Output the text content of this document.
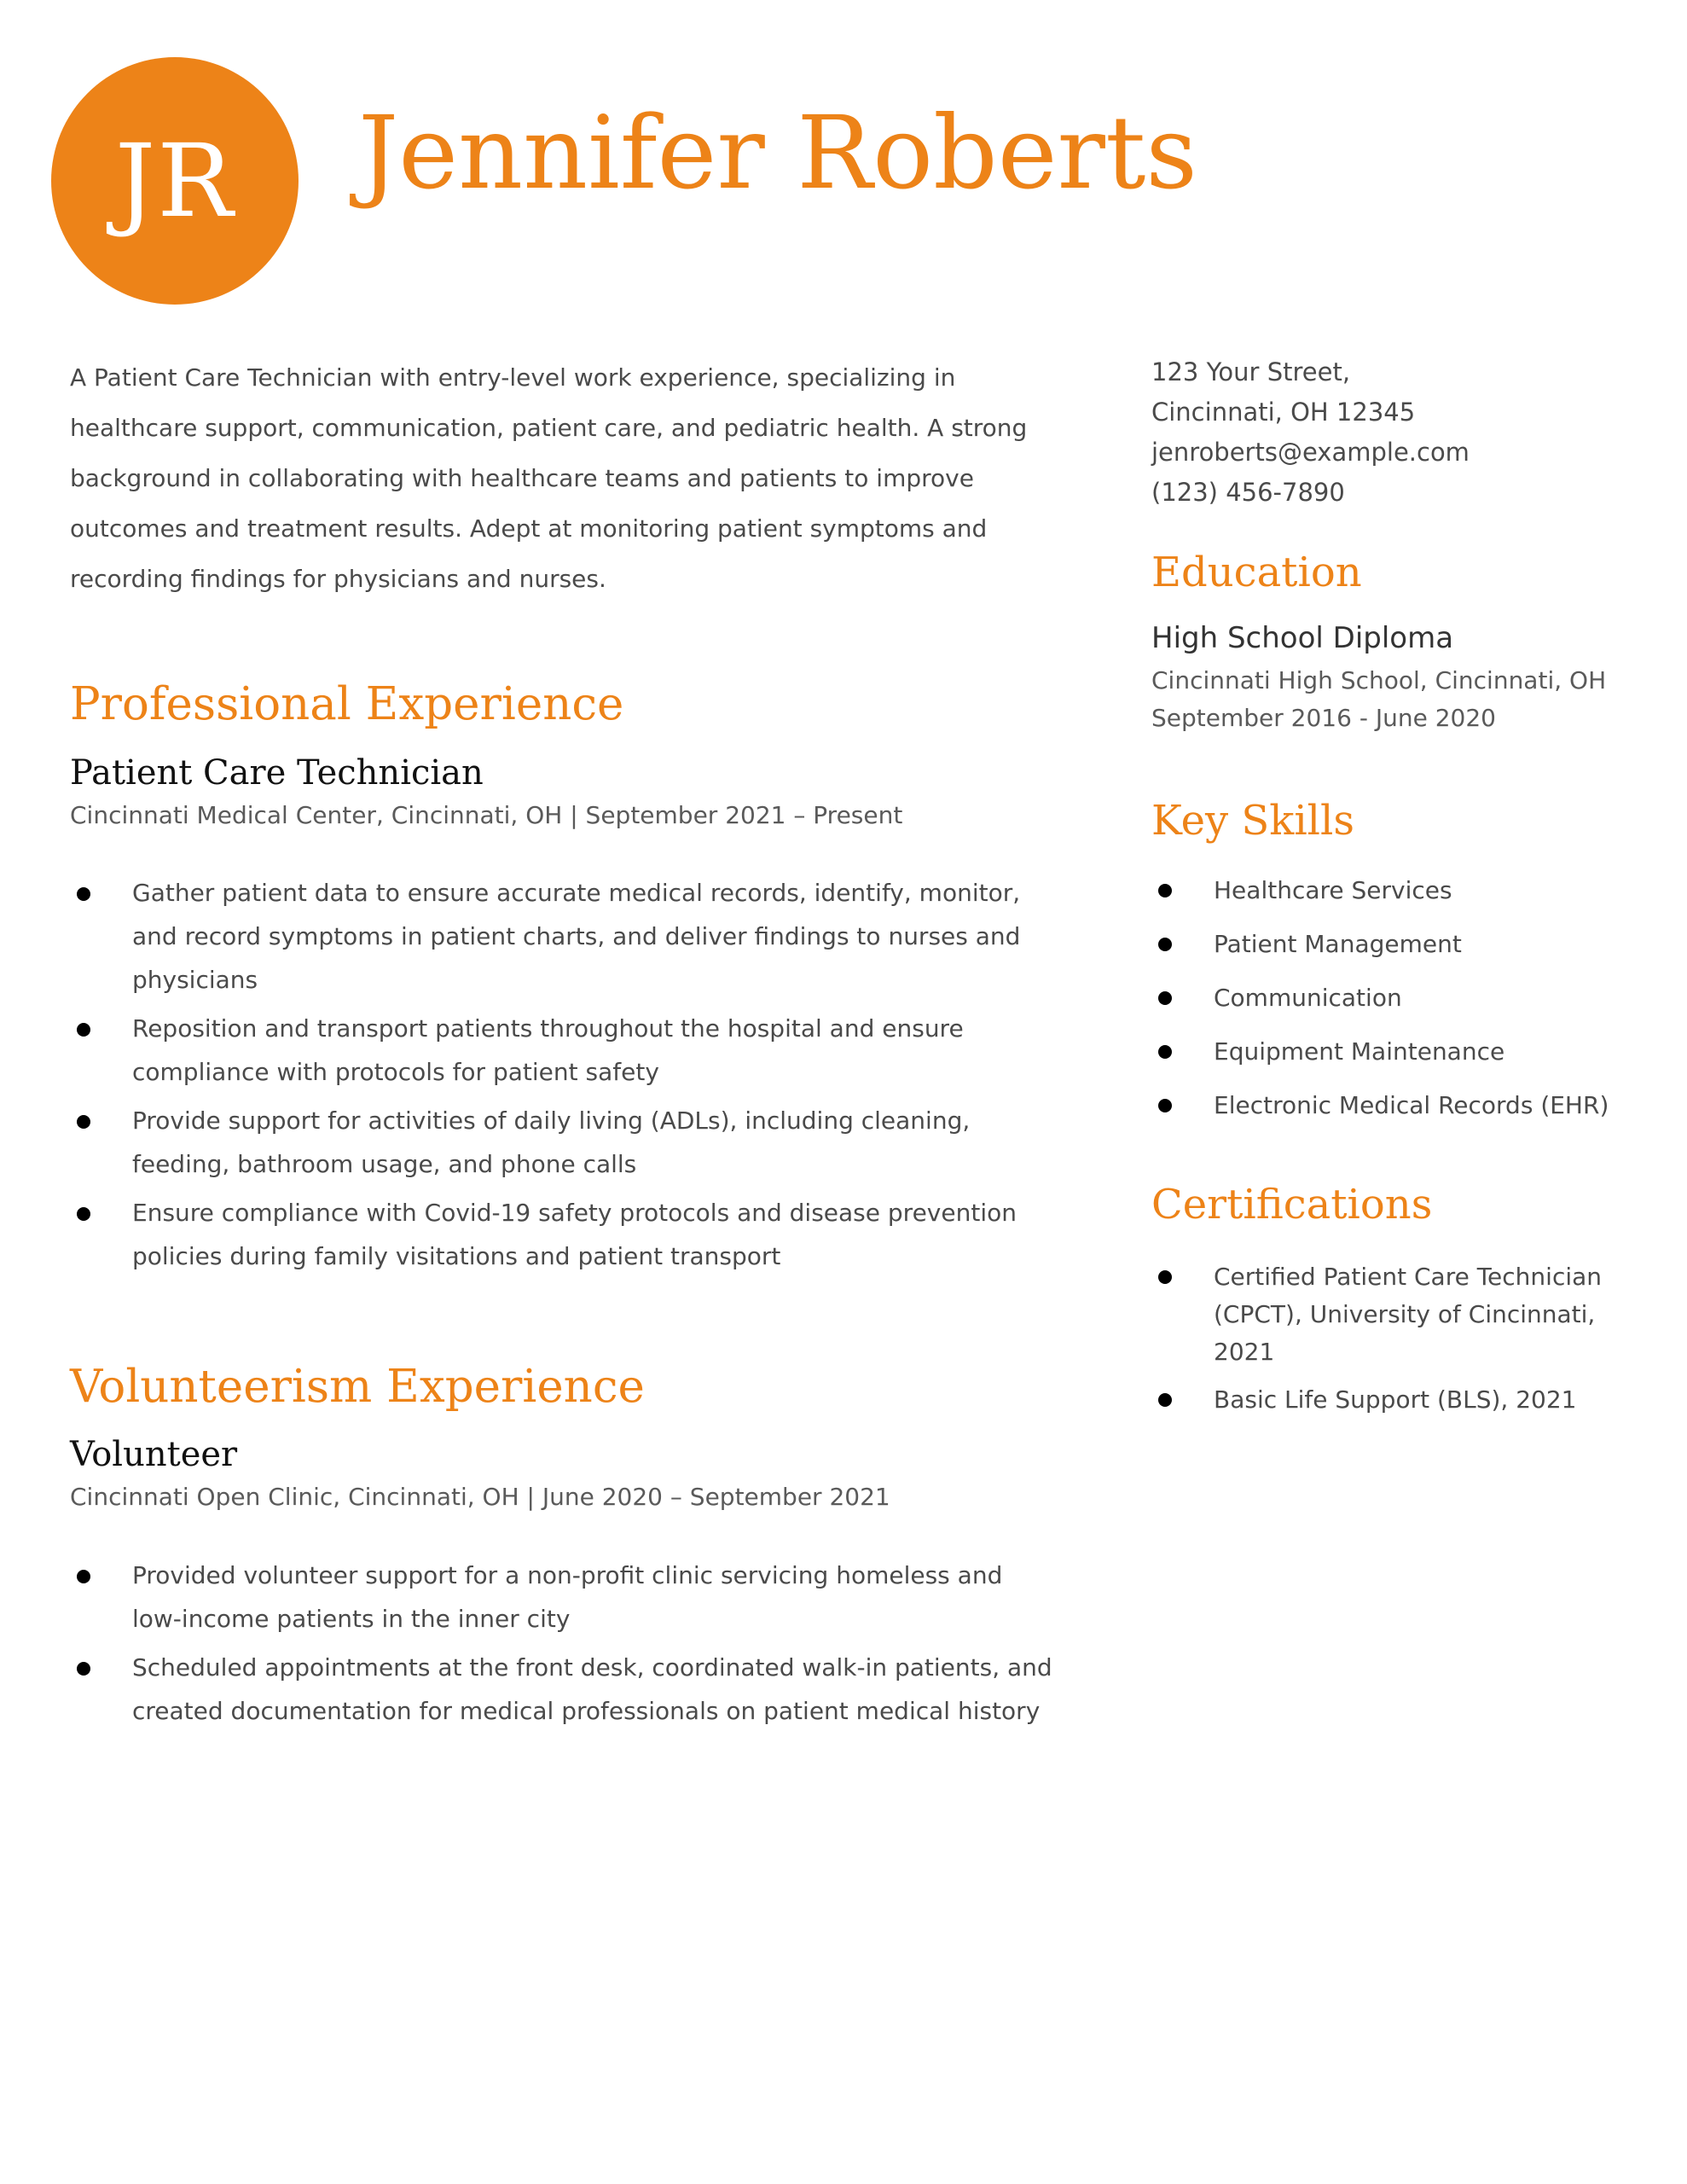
JR Jennifer Roberts

A Patient Care Technician with entry-level work experience, specializing in healthcare support, communication, patient care, and pediatric health. A strong background in collaborating with healthcare teams and patients to improve outcomes and treatment results. Adept at monitoring patient symptoms and recording findings for physicians and nurses.

Professional Experience

Patient Care Technician

Cincinnati Medical Center, Cincinnati, OH | September 2021 – Present

Gather patient data to ensure accurate medical records, identify, monitor, and record symptoms in patient charts, and deliver findings to nurses and physicians
Reposition and transport patients throughout the hospital and ensure compliance with protocols for patient safety
Provide support for activities of daily living (ADLs), including cleaning, feeding, bathroom usage, and phone calls
Ensure compliance with Covid-19 safety protocols and disease prevention policies during family visitations and patient transport
Volunteerism Experience

Volunteer

Cincinnati Open Clinic, Cincinnati, OH | June 2020 – September 2021

Provided volunteer support for a non-profit clinic servicing homeless and low-income patients in the inner city
Scheduled appointments at the front desk, coordinated walk-in patients, and created documentation for medical professionals on patient medical history

123 Your Street,

Cincinnati, OH 12345

jenroberts@example.com

(123) 456-7890

Education

High School Diploma

Cincinnati High School, Cincinnati, OH

September 2016 - June 2020

Key Skills
Healthcare Services
Patient Management
Communication
Equipment Maintenance
Electronic Medical Records (EHR)
Certifications
Certified Patient Care Technician (CPCT), University of Cincinnati, 2021
Basic Life Support (BLS), 2021
